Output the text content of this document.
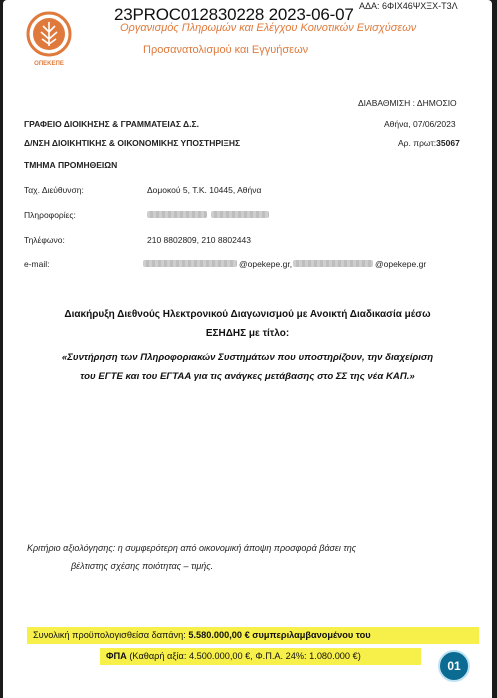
ΟΠΕΚΕΠΕ
ΑΔΑ: 6ΦΙΧ46ΨΧΞΧ-Τ3Λ
23PROC012830228 2023-06-07
Οργανισμός Πληρωμών και Ελέγχου Κοινοτικών Ενισχύσεων
Προσανατολισμού και Εγγυήσεων
ΔΙΑΒΑΘΜΙΣΗ : ΔΗΜΟΣΙΟ
Αθήνα, 07/06/2023
Αρ. πρωτ:35067
ΓΡΑΦΕΙΟ ΔΙΟΙΚΗΣΗΣ & ΓΡΑΜΜΑΤΕΙΑΣ Δ.Σ.
Δ/ΝΣΗ ΔΙΟΙΚΗΤΙΚΗΣ & ΟΙΚΟΝΟΜΙΚΗΣ ΥΠΟΣΤΗΡΙΞΗΣ
ΤΜΗΜΑ ΠΡΟΜΗΘΕΙΩΝ
Ταχ. Διεύθυνση:	Δομοκού 5, Τ.Κ. 10445, Αθήνα
Πληροφορίες:
Τηλέφωνο:	210 8802809, 210 8802443
e-mail:	@opekepe.gr,	@opekepe.gr
Διακήρυξη Διεθνούς Ηλεκτρονικού Διαγωνισμού με Ανοικτή Διαδικασία μέσω
ΕΣΗΔΗΣ με τίτλο:
«Συντήρηση των Πληροφοριακών Συστημάτων που υποστηρίζουν, την διαχείριση
του ΕΓΤΕ και του ΕΓΤΑΑ για τις ανάγκες μετάβασης στο ΣΣ της νέα ΚΑΠ.»
Κριτήριο αξιολόγησης: η συμφερότερη από οικονομική άποψη προσφορά βάσει της
βέλτιστης σχέσης ποιότητας – τιμής.
Συνολική προϋπολογισθείσα δαπάνη: 5.580.000,00 € συμπεριλαμβανομένου του
ΦΠΑ (Καθαρή αξία: 4.500.000,00 €, Φ.Π.Α. 24%: 1.080.000 €)
01
